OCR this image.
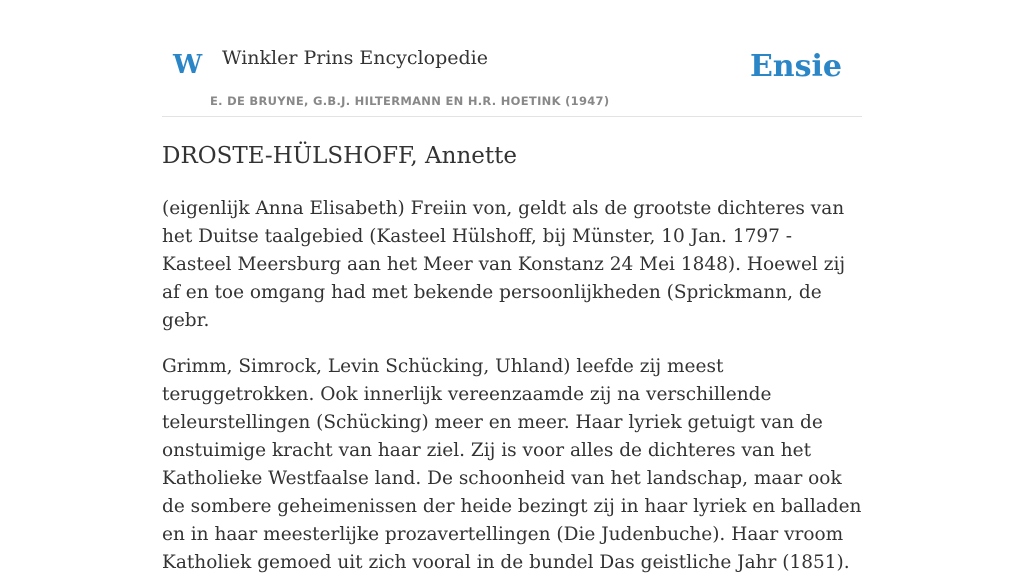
W Winkler Prins Encyclopedie
E. DE BRUYNE, G.B.J. HILTERMANN EN H.R. HOETINK (1947)
Ensie
DROSTE-HÜLSHOFF, Annette

(eigenlijk Anna Elisabeth) Freiin von, geldt als de grootste dichteres van het Duitse taalgebied (Kasteel Hülshoff, bij Münster, 10 Jan. 1797 - Kasteel Meersburg aan het Meer van Konstanz 24 Mei 1848). Hoewel zij af en toe omgang had met bekende persoonlijkheden (Sprickmann, de gebr.

Grimm, Simrock, Levin Schücking, Uhland) leefde zij meest teruggetrokken. Ook innerlijk vereenzaamde zij na verschillende teleurstellingen (Schücking) meer en meer. Haar lyriek getuigt van de onstuimige kracht van haar ziel. Zij is voor alles de dichteres van het Katholieke Westfaalse land. De schoonheid van het landschap, maar ook de sombere geheimenissen der heide bezingt zij in haar lyriek en balladen en in haar meesterlijke prozavertellingen (Die Judenbuche). Haar vroom Katholiek gemoed uit zich vooral in de bundel Das geistliche Jahr (1851).
